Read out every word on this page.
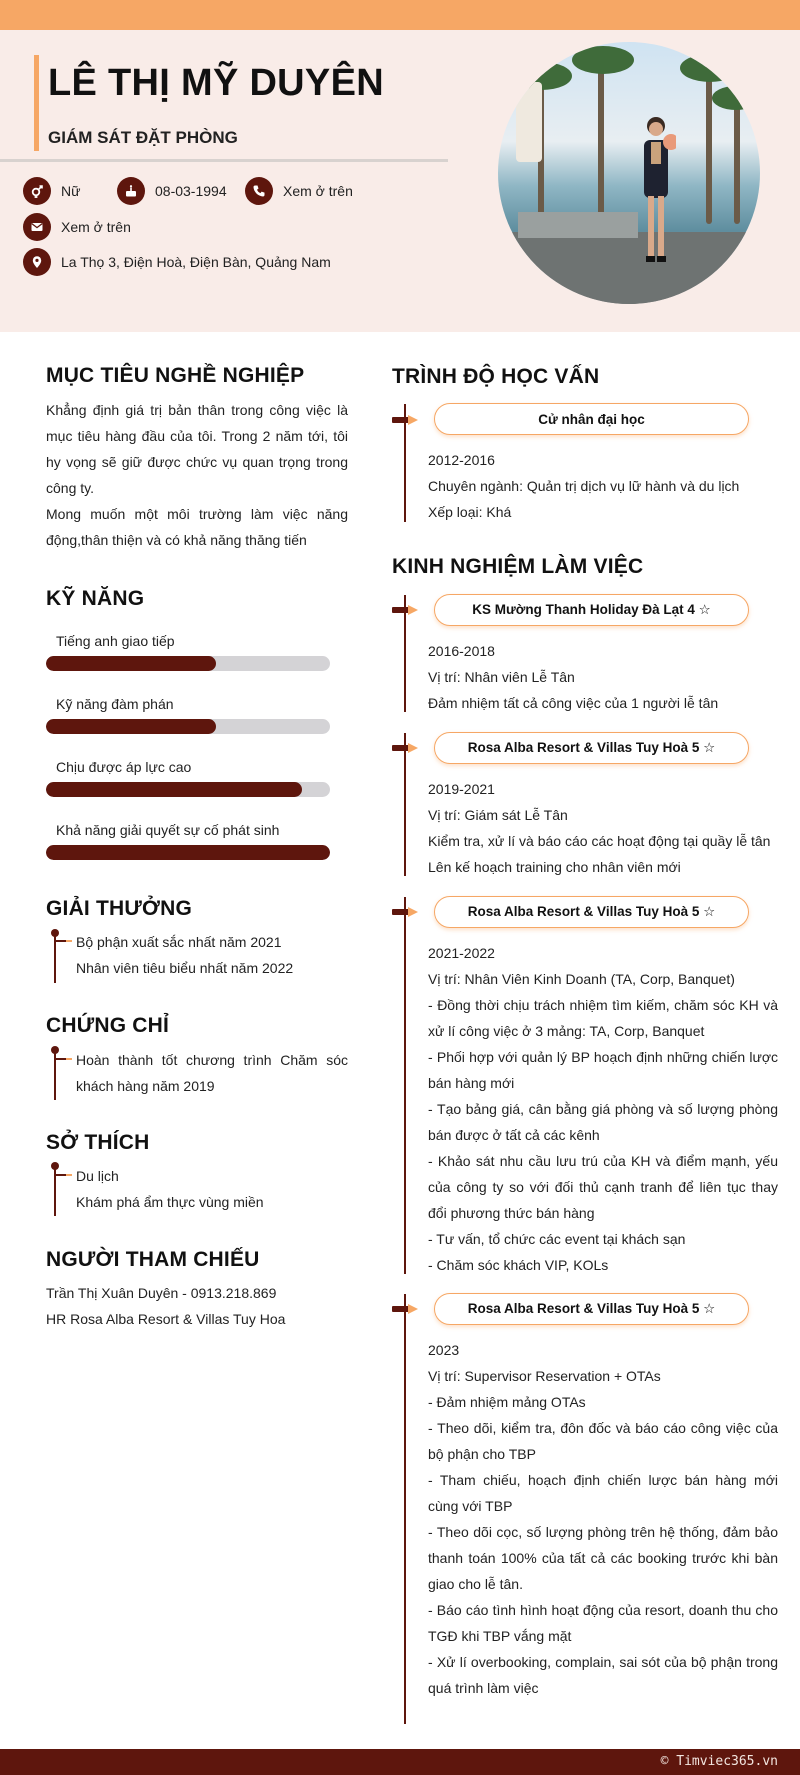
LÊ THỊ MỸ DUYÊN
GIÁM SÁT ĐẶT PHÒNG
Nữ	08-03-1994	Xem ở trên
Xem ở trên
La Thọ 3, Điện Hoà, Điện Bàn, Quảng Nam
MỤC TIÊU NGHỀ NGHIỆP
Khẳng định giá trị bản thân trong công việc là mục tiêu hàng đầu của tôi. Trong 2 năm tới, tôi hy vọng sẽ giữ được chức vụ quan trọng trong công ty.
Mong muốn một môi trường làm việc năng động,thân thiện và có khả năng thăng tiến
KỸ NĂNG
Tiếng anh giao tiếp
Kỹ năng đàm phán
Chịu được áp lực cao
Khả năng giải quyết sự cố phát sinh
GIẢI THƯỞNG
Bộ phận xuất sắc nhất năm 2021
Nhân viên tiêu biểu nhất năm 2022
CHỨNG CHỈ
Hoàn thành tốt chương trình Chăm sóc khách hàng năm 2019
SỞ THÍCH
Du lịch
Khám phá ẩm thực vùng miền
NGƯỜI THAM CHIẾU
Trần Thị Xuân Duyên - 0913.218.869
HR Rosa Alba Resort & Villas Tuy Hoa
TRÌNH ĐỘ HỌC VẤN
Cử nhân đại học
2012-2016
Chuyên ngành: Quản trị dịch vụ lữ hành và du lịch
Xếp loại: Khá
KINH NGHIỆM LÀM VIỆC
KS Mường Thanh Holiday Đà Lạt 4 ☆
2016-2018
Vị trí: Nhân viên Lễ Tân
Đảm nhiệm tất cả công việc của 1 người lễ tân
Rosa Alba Resort & Villas Tuy Hoà 5 ☆
2019-2021
Vị trí: Giám sát Lễ Tân
Kiểm tra, xử lí và báo cáo các hoạt động tại quầy lễ tân
Lên kế hoạch training cho nhân viên mới
Rosa Alba Resort & Villas Tuy Hoà 5 ☆
2021-2022
Vị trí: Nhân Viên Kinh Doanh (TA, Corp, Banquet)
- Đồng thời chịu trách nhiệm tìm kiếm, chăm sóc KH và xử lí công việc ở 3 mảng: TA, Corp, Banquet
- Phối hợp với quản lý BP hoạch định những chiến lược bán hàng mới
- Tạo bảng giá, cân bằng giá phòng và số lượng phòng bán được ở tất cả các kênh
- Khảo sát nhu cầu lưu trú của KH và điểm mạnh, yếu của công ty so với đối thủ cạnh tranh để liên tục thay đổi phương thức bán hàng
- Tư vấn, tổ chức các event tại khách sạn
- Chăm sóc khách VIP, KOLs
Rosa Alba Resort & Villas Tuy Hoà 5 ☆
2023
Vị trí: Supervisor Reservation + OTAs
- Đảm nhiệm mảng OTAs
- Theo dõi, kiểm tra, đôn đốc và báo cáo công việc của bộ phận cho TBP
- Tham chiếu, hoạch định chiến lược bán hàng mới cùng với TBP
- Theo dõi cọc, số lượng phòng trên hệ thống, đảm bảo thanh toán 100% của tất cả các booking trước khi bàn giao cho lễ tân.
- Báo cáo tình hình hoạt động của resort, doanh thu cho TGĐ khi TBP vắng mặt
- Xử lí overbooking, complain, sai sót của bộ phận trong quá trình làm việc
© Timviec365.vn
